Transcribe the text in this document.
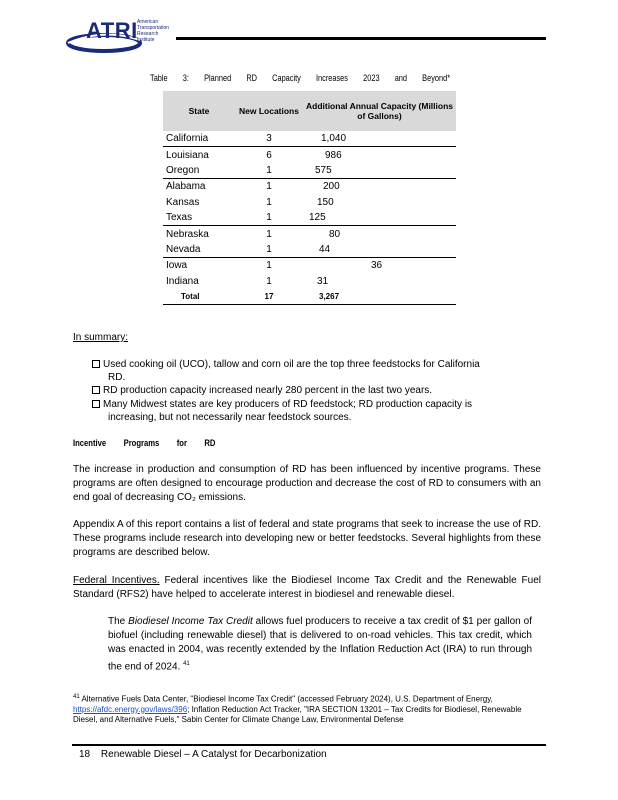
ATRI American
Transportation
Research
Institute
Table 3: Planned RD Capacity Increases 2023 and Beyond*
State	New Locations	Additional Annual Capacity (Millions of Gallons)
California	3	1,040
Louisiana	6	986
Oregon	1	575
Alabama	1	200
Kansas	1	150
Texas	1	125
Nebraska	1	80
Nevada	1	44
Iowa	1	36
Indiana	1	31
Total	17	3,267
In summary:
Used cooking oil (UCO), tallow and corn oil are the top three feedstocks for California
RD.
RD production capacity increased nearly 280 percent in the last two years.
Many Midwest states are key producers of RD feedstock; RD production capacity is
increasing, but not necessarily near feedstock sources.
Incentive Programs for RD
The increase in production and consumption of RD has been influenced by incentive programs. These programs are often designed to encourage production and decrease the cost of RD to consumers with an end goal of decreasing CO₂ emissions.
Appendix A of this report contains a list of federal and state programs that seek to increase the use of RD. These programs include research into developing new or better feedstocks. Several highlights from these programs are described below.
Federal Incentives. Federal incentives like the Biodiesel Income Tax Credit and the Renewable Fuel Standard (RFS2) have helped to accelerate interest in biodiesel and renewable diesel.
The Biodiesel Income Tax Credit allows fuel producers to receive a tax credit of $1 per gallon of biofuel (including renewable diesel) that is delivered to on-road vehicles. This tax credit, which was enacted in 2004, was recently extended by the Inflation Reduction Act (IRA) to run through the end of 2024. $^{41}$
$^{41}$ Alternative Fuels Data Center, "Biodiesel Income Tax Credit" (accessed February 2024), U.S. Department of Energy, https://afdc.energy.gov/laws/396; Inflation Reduction Act Tracker, "IRA SECTION 13201 – Tax Credits for Biodiesel, Renewable Diesel, and Alternative Fuels," Sabin Center for Climate Change Law, Environmental Defense
18 Renewable Diesel – A Catalyst for Decarbonization
